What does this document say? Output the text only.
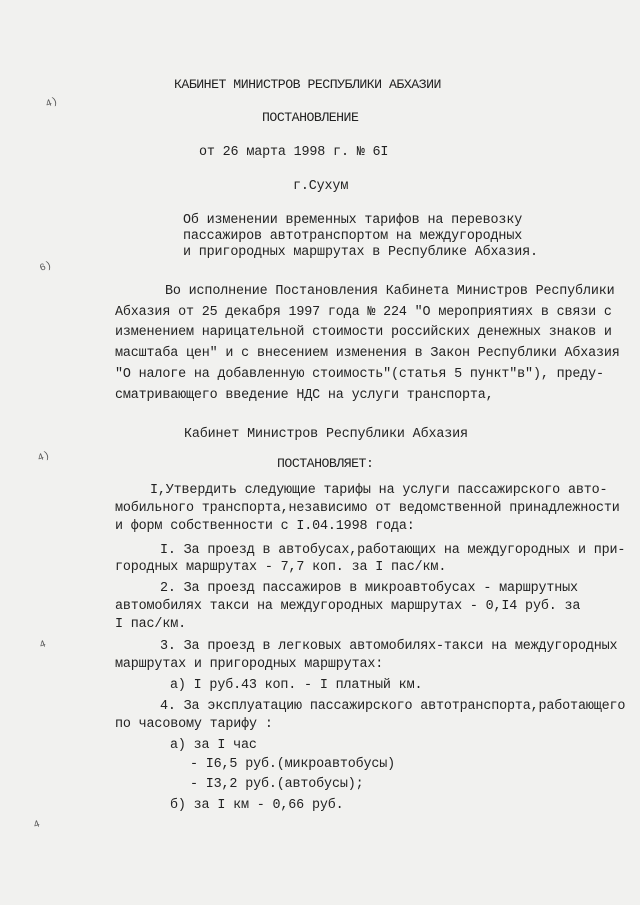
4)
6)
4)
4
4
КАБИНЕТ МИНИСТРОВ РЕСПУБЛИКИ АБХАЗИИ
ПОСТАНОВЛЕНИЕ
от 26 марта 1998 г. № 6I
г.Сухум
Об изменении временных тарифов на перевозку
пассажиров автотранспортом на междугородных
и пригородных маршрутах в Республике Абхазия.
Во исполнение Постановления Кабинета Министров Республики
Абхазия от 25 декабря 1997 года № 224 "О мероприятиях в связи с
изменением нарицательной стоимости российских денежных знаков и
масштаба цен" и с внесением изменения в Закон Республики Абхазия
"О налоге на добавленную стоимость"(статья 5 пункт"в"), преду-
сматривающего введение НДС на услуги транспорта,
Кабинет Министров Республики Абхазия
ПОСТАНОВЛЯЕТ:
I,Утвердить следующие тарифы на услуги пассажирского авто-
мобильного транспорта,независимо от ведомственной принадлежности
и форм собственности с I.04.1998 года:
I. За проезд в автобусах,работающих на междугородных и при-
городных маршрутах - 7,7 коп. за I пас/км.
2. За проезд пассажиров в микроавтобусах - маршрутных
автомобилях такси на междугородных маршрутах - 0,I4 руб. за
I пас/км.
3. За проезд в легковых автомобилях-такси на междугородных
маршрутах и пригородных маршрутах:
а) I руб.43 коп. - I платный км.
4. За эксплуатацию пассажирского автотранспорта,работающего
по часовому тарифу :
а) за I час
- I6,5 руб.(микроавтобусы)
- I3,2 руб.(автобусы);
б) за I км - 0,66 руб.
